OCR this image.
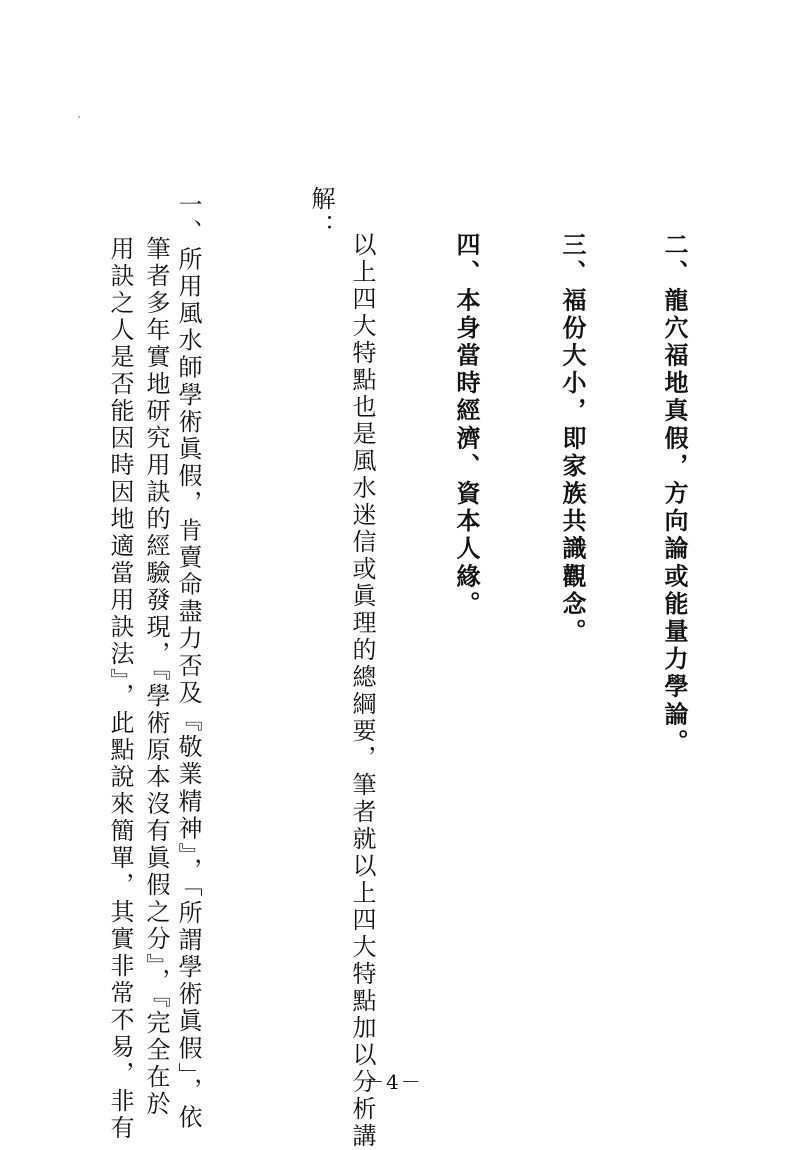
二、龍穴福地真假，方向論或能量力學論。
三、福份大小，即家族共識觀念。
四、本身當時經濟、資本人緣。
以上四大特點也是風水迷信或眞理的總綱要，筆者就以上四大特點加以分析講
解：
一、所用風水師學術眞假，肯賣命盡力否及『敬業精神』，「所謂學術眞假」，依
筆者多年實地研究用訣的經驗發現，『學術原本沒有眞假之分』，『完全在於
用訣之人是否能因時因地適當用訣法』，此點說來簡單，其實非常不易，非有	－4－
